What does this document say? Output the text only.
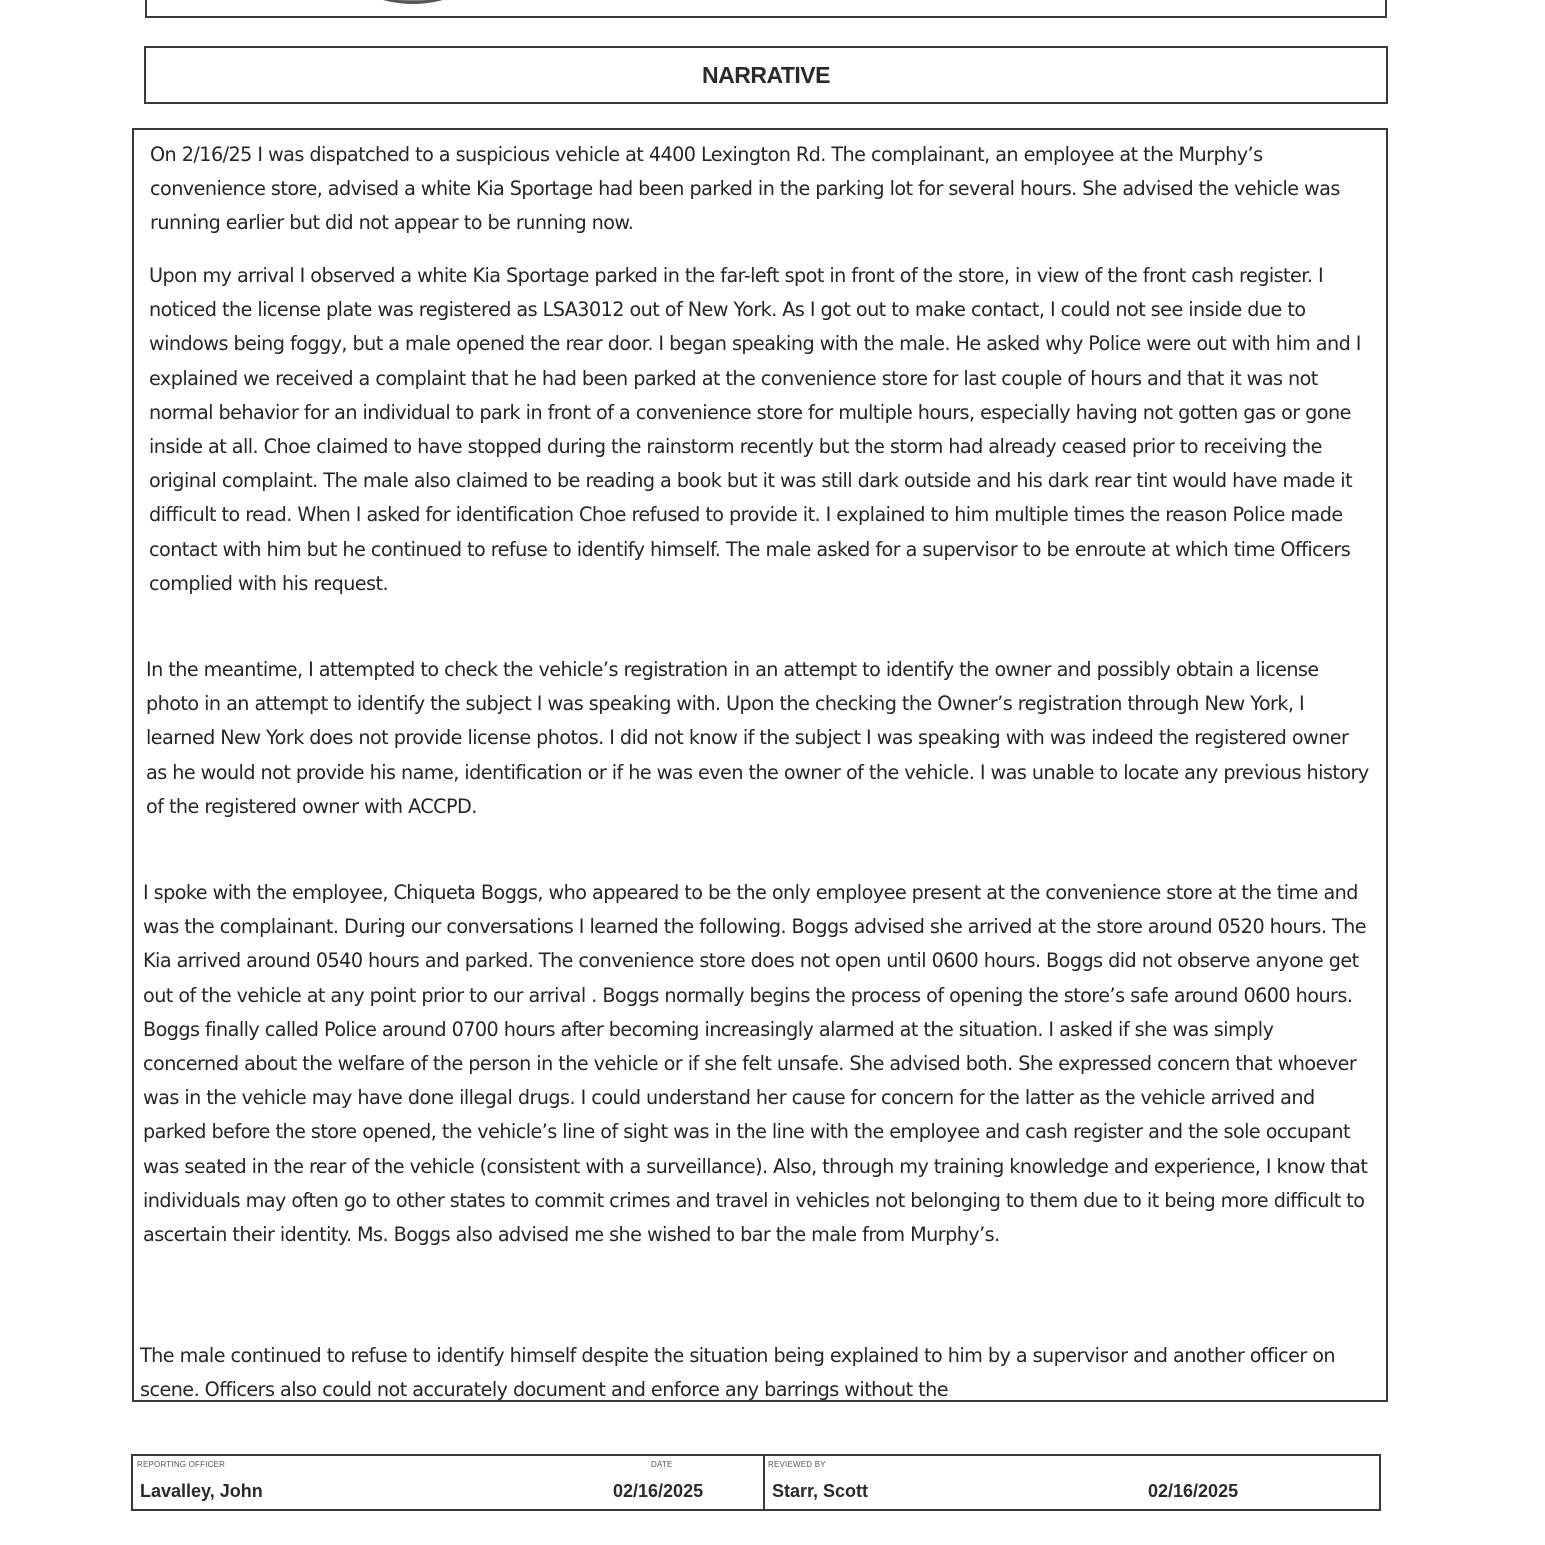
NARRATIVE

On 2/16/25 I was dispatched to a suspicious vehicle at 4400 Lexington Rd. The complainant, an employee at the Murphy’s convenience store, advised a white Kia Sportage had been parked in the parking lot for several hours. She advised the vehicle was running earlier but did not appear to be running now.

Upon my arrival I observed a white Kia Sportage parked in the far-left spot in front of the store, in view of the front cash register. I noticed the license plate was registered as LSA3012 out of New York. As I got out to make contact, I could not see inside due to windows being foggy, but a male opened the rear door. I began speaking with the male. He asked why Police were out with him and I explained we received a complaint that he had been parked at the convenience store for last couple of hours and that it was not normal behavior for an individual to park in front of a convenience store for multiple hours, especially having not gotten gas or gone inside at all. Choe claimed to have stopped during the rainstorm recently but the storm had already ceased prior to receiving the original complaint. The male also claimed to be reading a book but it was still dark outside and his dark rear tint would have made it difficult to read. When I asked for identification Choe refused to provide it. I explained to him multiple times the reason Police made contact with him but he continued to refuse to identify himself. The male asked for a supervisor to be enroute at which time Officers complied with his request.

In the meantime, I attempted to check the vehicle’s registration in an attempt to identify the owner and possibly obtain a license photo in an attempt to identify the subject I was speaking with. Upon the checking the Owner’s registration through New York, I learned New York does not provide license photos. I did not know if the subject I was speaking with was indeed the registered owner as he would not provide his name, identification or if he was even the owner of the vehicle. I was unable to locate any previous history of the registered owner with ACCPD.

I spoke with the employee, Chiqueta Boggs, who appeared to be the only employee present at the convenience store at the time and was the complainant. During our conversations I learned the following. Boggs advised she arrived at the store around 0520 hours. The Kia arrived around 0540 hours and parked. The convenience store does not open until 0600 hours. Boggs did not observe anyone get out of the vehicle at any point prior to our arrival . Boggs normally begins the process of opening the store’s safe around 0600 hours. Boggs finally called Police around 0700 hours after becoming increasingly alarmed at the situation. I asked if she was simply concerned about the welfare of the person in the vehicle or if she felt unsafe. She advised both. She expressed concern that whoever was in the vehicle may have done illegal drugs. I could understand her cause for concern for the latter as the vehicle arrived and parked before the store opened, the vehicle’s line of sight was in the line with the employee and cash register and the sole occupant was seated in the rear of the vehicle (consistent with a surveillance). Also, through my training knowledge and experience, I know that individuals may often go to other states to commit crimes and travel in vehicles not belonging to them due to it being more difficult to ascertain their identity. Ms. Boggs also advised me she wished to bar the male from Murphy’s.

The male continued to refuse to identify himself despite the situation being explained to him by a supervisor and another officer on scene. Officers also could not accurately document and enforce any barrings without the

REPORTING OFFICER	DATE
Lavalley, John	02/16/2025
REVIEWED BY
Starr, Scott	02/16/2025
